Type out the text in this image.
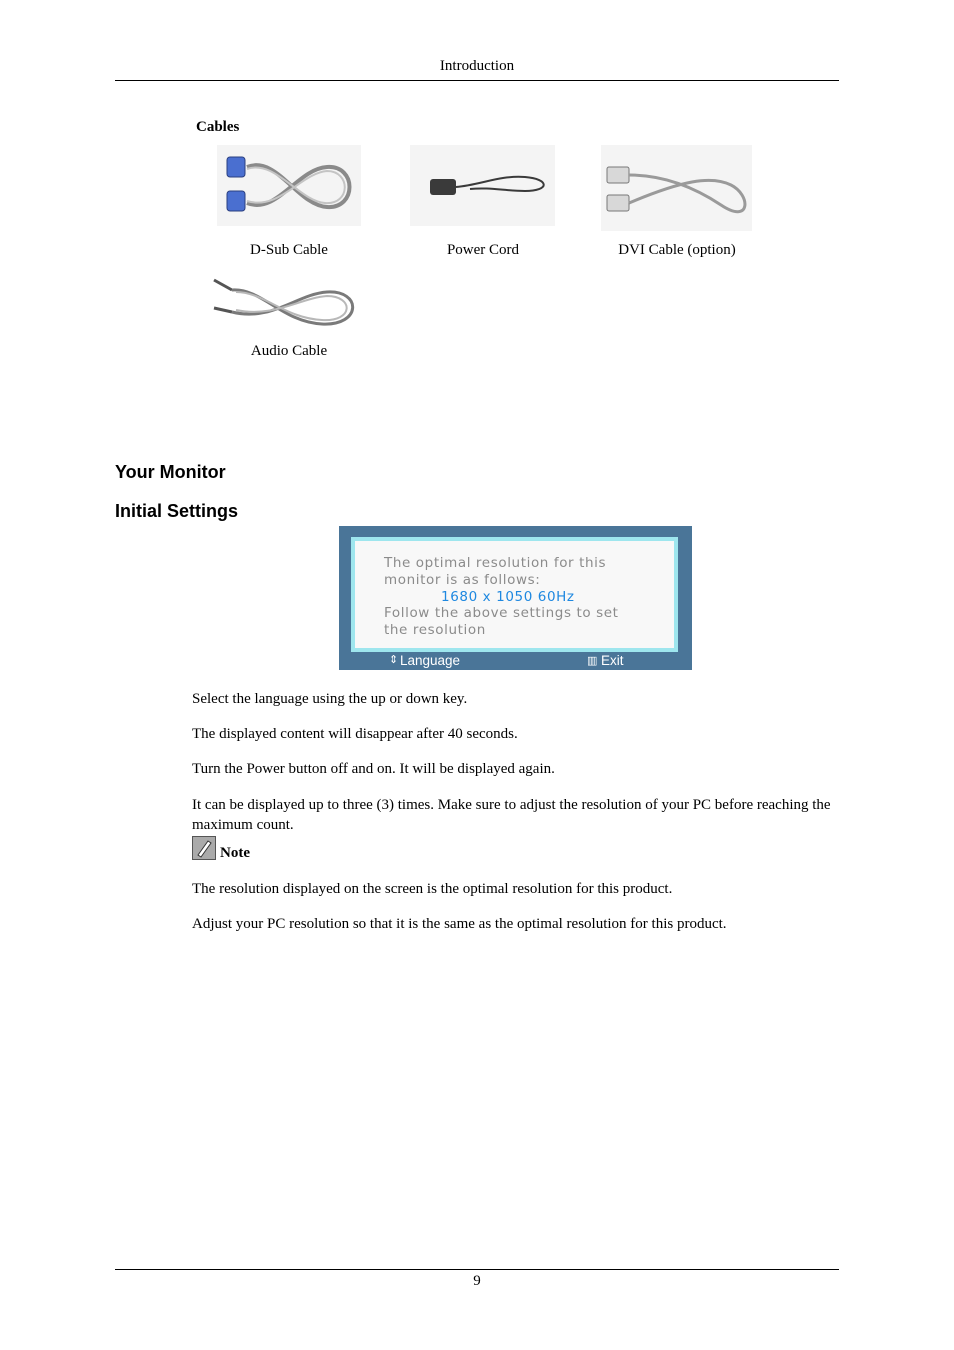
Introduction
Cables
D-Sub Cable	Power Cord	DVI Cable (option)
Audio Cable
Your Monitor
Initial Settings
The optimal resolution for this
monitor is as follows:
1680 x 1050 60Hz
Follow the above settings to set
the resolution
⇕ Language	▥ Exit
Select the language using the up or down key.
The displayed content will disappear after 40 seconds.
Turn the Power button off and on. It will be displayed again.
It can be displayed up to three (3) times. Make sure to adjust the resolution of your PC before reaching the maximum count.
Note
The resolution displayed on the screen is the optimal resolution for this product.
Adjust your PC resolution so that it is the same as the optimal resolution for this product.
9
